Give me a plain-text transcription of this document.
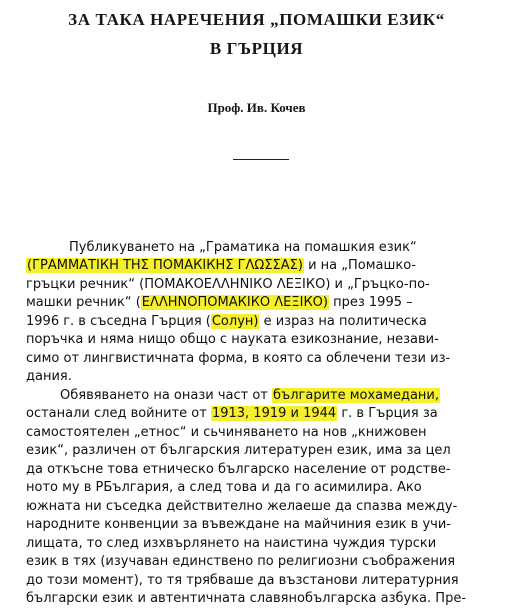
ЗА ТАКА НАРЕЧЕНИЯ „ПОМАШКИ ЕЗИК“
В ГЪРЦИЯ
Проф. Ив. Кочев
Публикуването на „Граматика на помашкия език“
(ГРАММАТІКН ТНΣ ПОМАКІКНΣ ГΛΩΣΣАΣ) и на „Помашко-
гръцки речник“ (ПОМАКОЕΛΛНNІКО ΛЕΞІКО) и „Гръцко-по-
машки речник“ (ЕΛΛНNОПОМАКІКО ΛЕΞІКО) през 1995 –
1996 г. в съседна Гърция (Солун) е израз на политическа
поръчка и няма нищо общо с науката езикознание, незави-
симо от лингвистичната форма, в която са облечени тези из-
дания.
Обявяването на онази част от българите мохамедани,
останали след войните от 1913, 1919 и 1944 г. в Гърция за
самостоятелен „етнос“ и сьчиняването на нов „книжовен
език“, различен от българския литературен език, има за цел
да откъсне това етническо българско население от родстве-
ното му в РБългария, а след това и да го асимилира. Ако
южната ни съседка действително желаеше да спазва между-
народните конвенции за въвеждане на майчиния език в учи-
лищата, то след изхвърлянето на наистина чуждия турски
език в тях (изучаван единствено по религиозни съображения
до този момент), то тя трябваше да възстанови литературния
български език и автентичната славянобългарска азбука. Пре-
